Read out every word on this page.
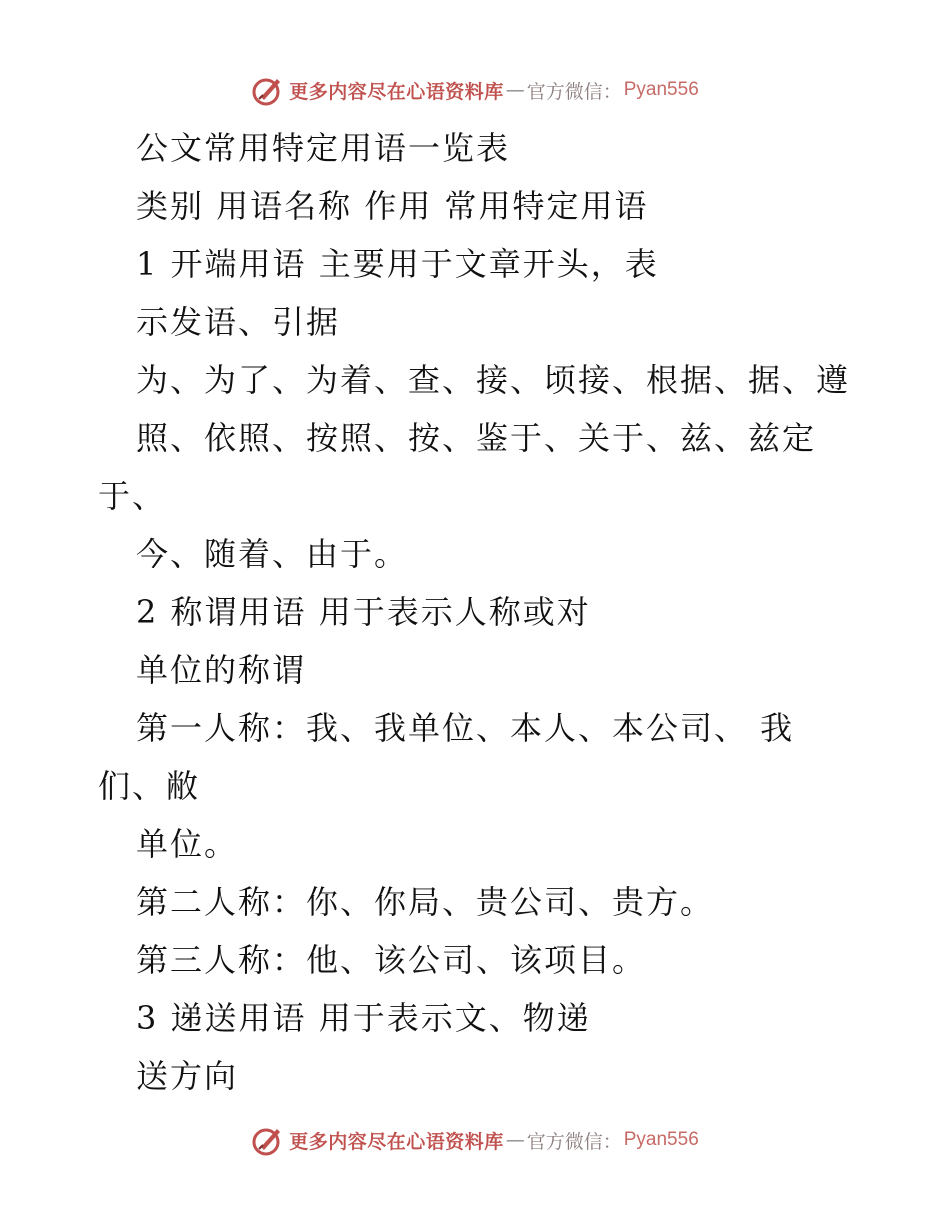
更多内容尽在心语资料库 — 官方微信： Pyan556
公文常用特定用语一览表
类别 用语名称 作用 常用特定用语
1 开端用语 主要用于文章开头，表
示发语、引据
为、为了、为着、查、接、顷接、根据、据、遵
照、依照、按照、按、鉴于、关于、兹、兹定
于、
今、随着、由于。
2 称谓用语 用于表示人称或对
单位的称谓
第一人称：我、我单位、本人、本公司、 我
们、敝
单位。
第二人称：你、你局、贵公司、贵方。
第三人称：他、该公司、该项目。
3 递送用语 用于表示文、物递
送方向
更多内容尽在心语资料库 — 官方微信： Pyan556
